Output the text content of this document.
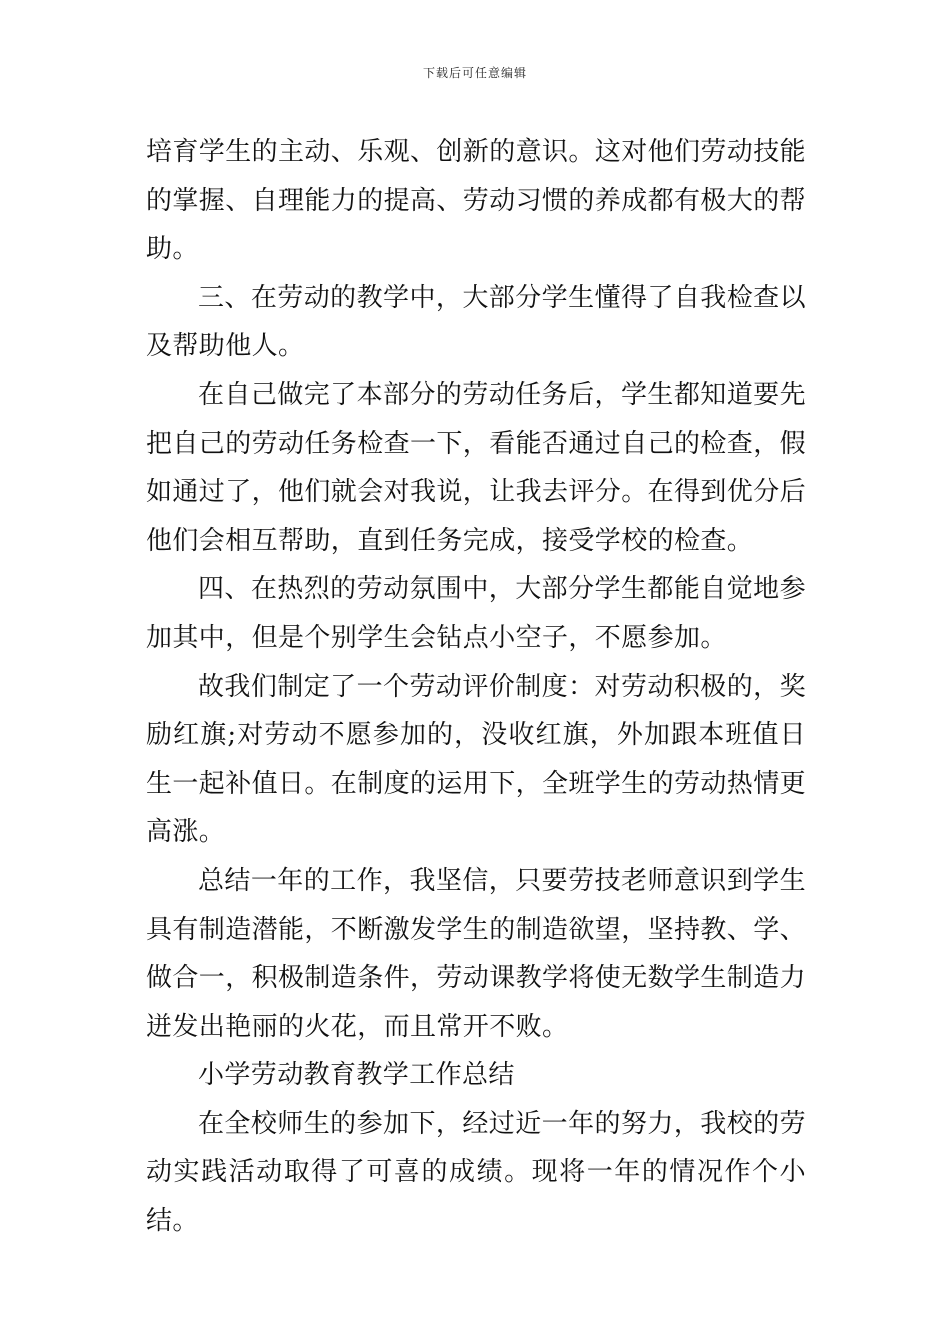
下载后可任意编辑

培育学生的主动、乐观、创新的意识。这对他们劳动技能的掌握、自理能力的提高、劳动习惯的养成都有极大的帮助。

三、在劳动的教学中，大部分学生懂得了自我检查以及帮助他人。

在自己做完了本部分的劳动任务后，学生都知道要先把自己的劳动任务检查一下，看能否通过自己的检查，假如通过了，他们就会对我说，让我去评分。在得到优分后他们会相互帮助，直到任务完成，接受学校的检查。

四、在热烈的劳动氛围中，大部分学生都能自觉地参加其中，但是个别学生会钻点小空子，不愿参加。

故我们制定了一个劳动评价制度：对劳动积极的，奖励红旗;对劳动不愿参加的，没收红旗，外加跟本班值日生一起补值日。在制度的运用下，全班学生的劳动热情更高涨。

总结一年的工作，我坚信，只要劳技老师意识到学生具有制造潜能，不断激发学生的制造欲望，坚持教、学、做合一，积极制造条件，劳动课教学将使无数学生制造力迸发出艳丽的火花，而且常开不败。

小学劳动教育教学工作总结

在全校师生的参加下，经过近一年的努力，我校的劳动实践活动取得了可喜的成绩。现将一年的情况作个小结。
